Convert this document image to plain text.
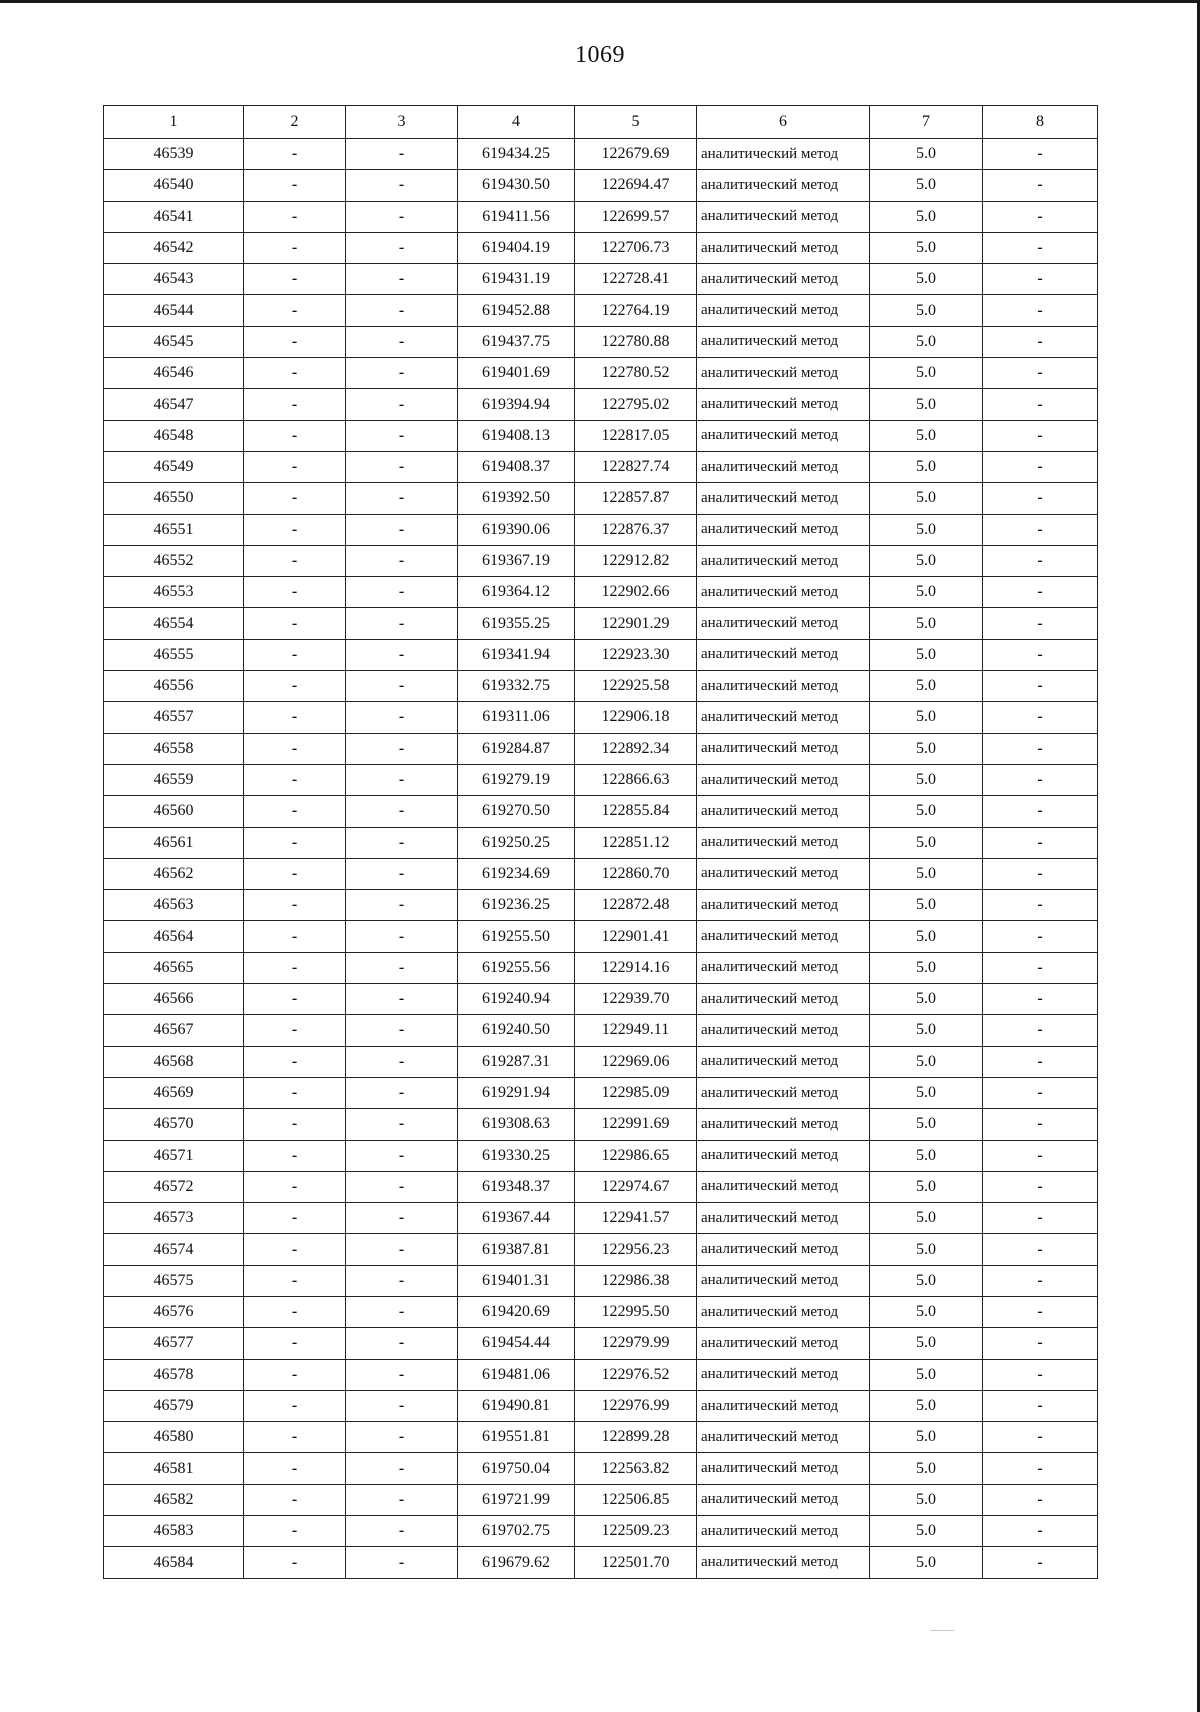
1069
1	2	3	4	5	6	7	8
46539	-	-	619434.25	122679.69	аналитический метод	5.0	-
46540	-	-	619430.50	122694.47	аналитический метод	5.0	-
46541	-	-	619411.56	122699.57	аналитический метод	5.0	-
46542	-	-	619404.19	122706.73	аналитический метод	5.0	-
46543	-	-	619431.19	122728.41	аналитический метод	5.0	-
46544	-	-	619452.88	122764.19	аналитический метод	5.0	-
46545	-	-	619437.75	122780.88	аналитический метод	5.0	-
46546	-	-	619401.69	122780.52	аналитический метод	5.0	-
46547	-	-	619394.94	122795.02	аналитический метод	5.0	-
46548	-	-	619408.13	122817.05	аналитический метод	5.0	-
46549	-	-	619408.37	122827.74	аналитический метод	5.0	-
46550	-	-	619392.50	122857.87	аналитический метод	5.0	-
46551	-	-	619390.06	122876.37	аналитический метод	5.0	-
46552	-	-	619367.19	122912.82	аналитический метод	5.0	-
46553	-	-	619364.12	122902.66	аналитический метод	5.0	-
46554	-	-	619355.25	122901.29	аналитический метод	5.0	-
46555	-	-	619341.94	122923.30	аналитический метод	5.0	-
46556	-	-	619332.75	122925.58	аналитический метод	5.0	-
46557	-	-	619311.06	122906.18	аналитический метод	5.0	-
46558	-	-	619284.87	122892.34	аналитический метод	5.0	-
46559	-	-	619279.19	122866.63	аналитический метод	5.0	-
46560	-	-	619270.50	122855.84	аналитический метод	5.0	-
46561	-	-	619250.25	122851.12	аналитический метод	5.0	-
46562	-	-	619234.69	122860.70	аналитический метод	5.0	-
46563	-	-	619236.25	122872.48	аналитический метод	5.0	-
46564	-	-	619255.50	122901.41	аналитический метод	5.0	-
46565	-	-	619255.56	122914.16	аналитический метод	5.0	-
46566	-	-	619240.94	122939.70	аналитический метод	5.0	-
46567	-	-	619240.50	122949.11	аналитический метод	5.0	-
46568	-	-	619287.31	122969.06	аналитический метод	5.0	-
46569	-	-	619291.94	122985.09	аналитический метод	5.0	-
46570	-	-	619308.63	122991.69	аналитический метод	5.0	-
46571	-	-	619330.25	122986.65	аналитический метод	5.0	-
46572	-	-	619348.37	122974.67	аналитический метод	5.0	-
46573	-	-	619367.44	122941.57	аналитический метод	5.0	-
46574	-	-	619387.81	122956.23	аналитический метод	5.0	-
46575	-	-	619401.31	122986.38	аналитический метод	5.0	-
46576	-	-	619420.69	122995.50	аналитический метод	5.0	-
46577	-	-	619454.44	122979.99	аналитический метод	5.0	-
46578	-	-	619481.06	122976.52	аналитический метод	5.0	-
46579	-	-	619490.81	122976.99	аналитический метод	5.0	-
46580	-	-	619551.81	122899.28	аналитический метод	5.0	-
46581	-	-	619750.04	122563.82	аналитический метод	5.0	-
46582	-	-	619721.99	122506.85	аналитический метод	5.0	-
46583	-	-	619702.75	122509.23	аналитический метод	5.0	-
46584	-	-	619679.62	122501.70	аналитический метод	5.0	-
